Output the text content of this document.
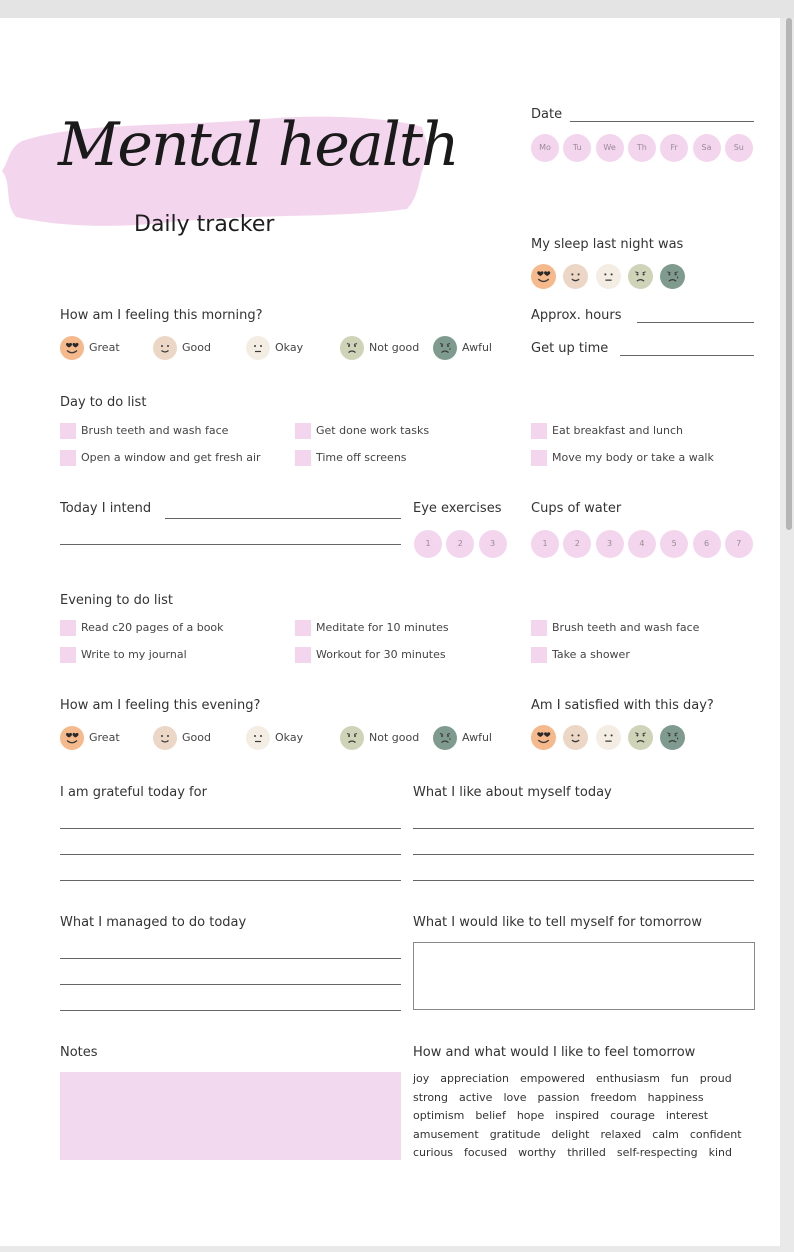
Mental health
Daily tracker
Date
Mo	Tu	We	Th	Fr	Sa	Su
My sleep last night was
Approx. hours
Get up time
How am I feeling this morning?
Great	Good	Okay	Not good	Awful
Day to do list
Brush teeth and wash face	Get done work tasks	Eat breakfast and lunch
Open a window and get fresh air	Time off screens	Move my body or take a walk
Today I intend	Eye exercises
1	2	3
Cups of water
1	2	3	4	5	6	7
Evening to do list
Read c20 pages of a book	Meditate for 10 minutes	Brush teeth and wash face
Write to my journal	Workout for 30 minutes	Take a shower
How am I feeling this evening?
Great	Good	Okay	Not good	Awful
Am I satisfied with this day?
I am grateful today for	What I like about myself today
What I managed to do today	What I would like to tell myself for tomorrow
Notes	How and what would I like to feel tomorrow
joy appreciation empowered enthusiasm fun proud
strong active love passion freedom happiness
optimism belief hope inspired courage interest
amusement gratitude delight relaxed calm confident
curious focused worthy thrilled self-respecting kind
